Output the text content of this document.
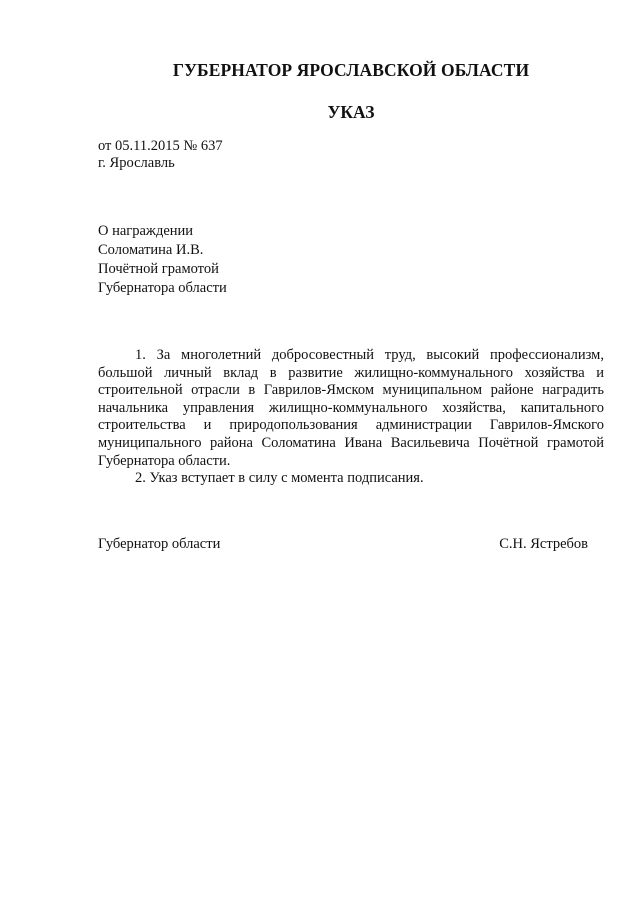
ГУБЕРНАТОР ЯРОСЛАВСКОЙ ОБЛАСТИ
УКАЗ
от 05.11.2015 № 637
г. Ярославль
О награждении
Соломатина И.В.
Почётной грамотой
Губернатора области

1. За многолетний добросовестный труд, высокий профессионализм, большой личный вклад в развитие жилищно-коммунального хозяйства и строительной отрасли в Гаврилов-Ямском муниципальном районе наградить начальника управления жилищно-коммунального хозяйства, капитального строительства и природопользования администрации Гаврилов-Ямского муниципального района Соломатина Ивана Васильевича Почётной грамотой Губернатора области.

2. Указ вступает в силу с момента подписания.

Губернатор области	С.Н. Ястребов
